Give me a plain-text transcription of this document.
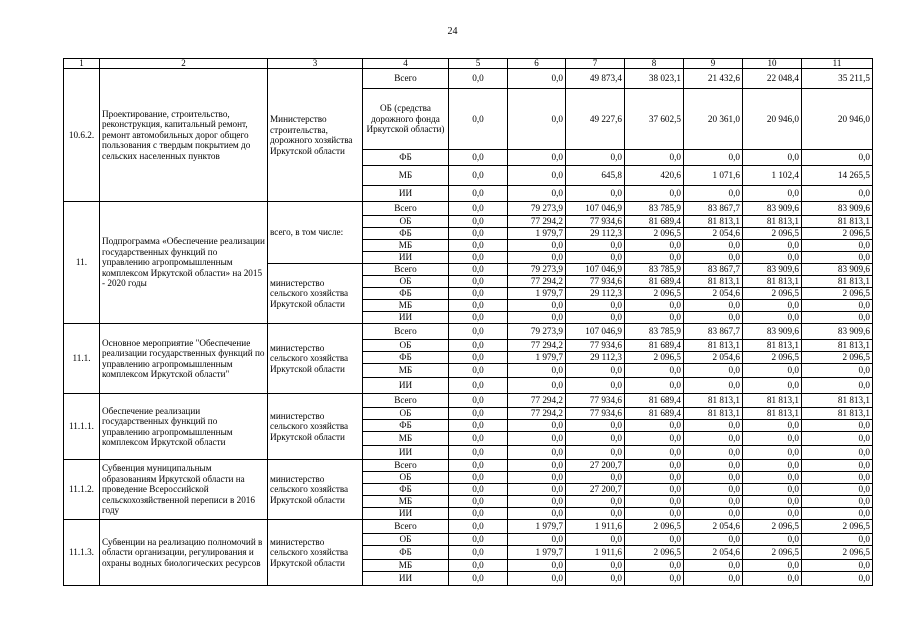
24
1	2	3	4	5	6	7	8	9	10	11
10.6.2.	Проектирование, строительство, реконструкция, капитальный ремонт, ремонт автомобильных дорог общего пользования с твердым покрытием до сельских населенных пунктов	Министерство строительства, дорожного хозяйства Иркутской области	Всего	0,0	0,0	49 873,4	38 023,1	21 432,6	22 048,4	35 211,5
			ОБ (средства дорожного фонда Иркутской области)	0,0	0,0	49 227,6	37 602,5	20 361,0	20 946,0	20 946,0
			ФБ	0,0	0,0	0,0	0,0	0,0	0,0	0,0
			МБ	0,0	0,0	645,8	420,6	1 071,6	1 102,4	14 265,5
			ИИ	0,0	0,0	0,0	0,0	0,0	0,0	0,0
11.	Подпрограмма «Обеспечение реализации государственных функций по управлению агропромышленным комплексом Иркутской области» на 2015 - 2020 годы	всего, в том числе:	Всего	0,0	79 273,9	107 046,9	83 785,9	83 867,7	83 909,6	83 909,6
			ОБ	0,0	77 294,2	77 934,6	81 689,4	81 813,1	81 813,1	81 813,1
			ФБ	0,0	1 979,7	29 112,3	2 096,5	2 054,6	2 096,5	2 096,5
			МБ	0,0	0,0	0,0	0,0	0,0	0,0	0,0
			ИИ	0,0	0,0	0,0	0,0	0,0	0,0	0,0
		министерство сельского хозяйства Иркутской области	Всего	0,0	79 273,9	107 046,9	83 785,9	83 867,7	83 909,6	83 909,6
			ОБ	0,0	77 294,2	77 934,6	81 689,4	81 813,1	81 813,1	81 813,1
			ФБ	0,0	1 979,7	29 112,3	2 096,5	2 054,6	2 096,5	2 096,5
			МБ	0,0	0,0	0,0	0,0	0,0	0,0	0,0
			ИИ	0,0	0,0	0,0	0,0	0,0	0,0	0,0
11.1.	Основное мероприятие "Обеспечение реализации государственных функций по управлению агропромышленным комплексом Иркутской области"	министерство сельского хозяйства Иркутской области	Всего	0,0	79 273,9	107 046,9	83 785,9	83 867,7	83 909,6	83 909,6
			ОБ	0,0	77 294,2	77 934,6	81 689,4	81 813,1	81 813,1	81 813,1
			ФБ	0,0	1 979,7	29 112,3	2 096,5	2 054,6	2 096,5	2 096,5
			МБ	0,0	0,0	0,0	0,0	0,0	0,0	0,0
			ИИ	0,0	0,0	0,0	0,0	0,0	0,0	0,0
11.1.1.	Обеспечение реализации государственных функций по управлению агропромышленным комплексом Иркутской области	министерство сельского хозяйства Иркутской области	Всего	0,0	77 294,2	77 934,6	81 689,4	81 813,1	81 813,1	81 813,1
			ОБ	0,0	77 294,2	77 934,6	81 689,4	81 813,1	81 813,1	81 813,1
			ФБ	0,0	0,0	0,0	0,0	0,0	0,0	0,0
			МБ	0,0	0,0	0,0	0,0	0,0	0,0	0,0
			ИИ	0,0	0,0	0,0	0,0	0,0	0,0	0,0
11.1.2.	Субвенция муниципальным образованиям Иркутской области на проведение Всероссийской сельскохозяйственной переписи в 2016 году	министерство сельского хозяйства Иркутской области	Всего	0,0	0,0	27 200,7	0,0	0,0	0,0	0,0
			ОБ	0,0	0,0	0,0	0,0	0,0	0,0	0,0
			ФБ	0,0	0,0	27 200,7	0,0	0,0	0,0	0,0
			МБ	0,0	0,0	0,0	0,0	0,0	0,0	0,0
			ИИ	0,0	0,0	0,0	0,0	0,0	0,0	0,0
11.1.3.	Субвенции на реализацию полномочий в области организации, регулирования и охраны водных биологических ресурсов	министерство сельского хозяйства Иркутской области	Всего	0,0	1 979,7	1 911,6	2 096,5	2 054,6	2 096,5	2 096,5
			ОБ	0,0	0,0	0,0	0,0	0,0	0,0	0,0
			ФБ	0,0	1 979,7	1 911,6	2 096,5	2 054,6	2 096,5	2 096,5
			МБ	0,0	0,0	0,0	0,0	0,0	0,0	0,0
			ИИ	0,0	0,0	0,0	0,0	0,0	0,0	0,0
